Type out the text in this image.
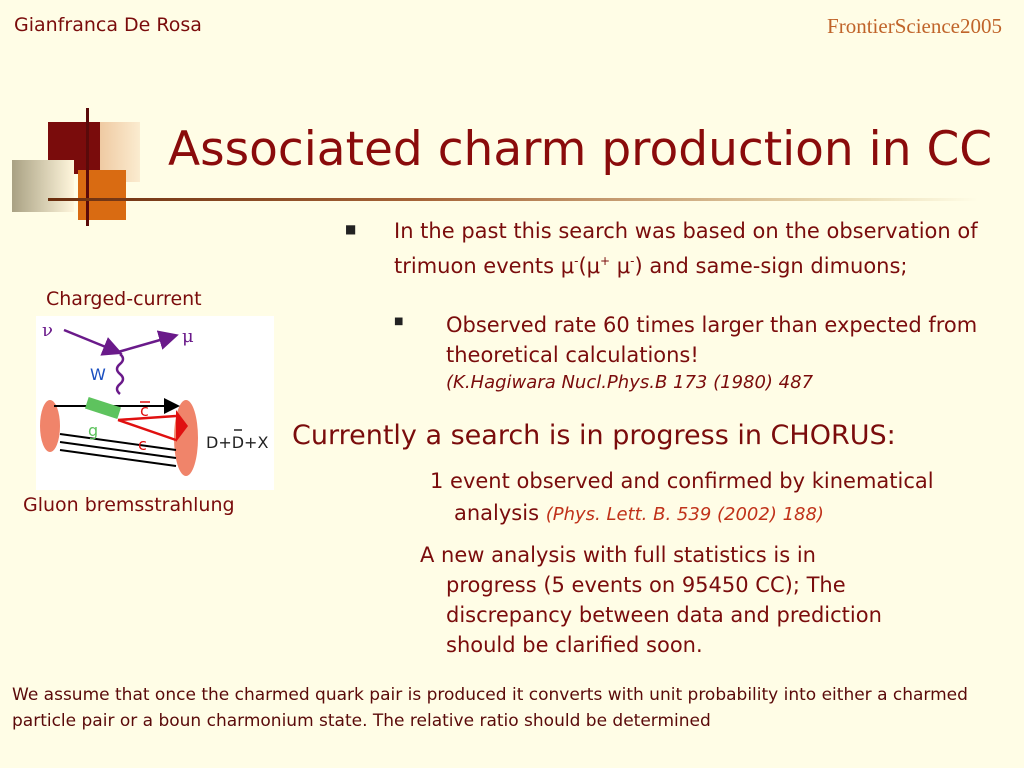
Gianfranca De Rosa	FrontierScience2005
Associated charm production in CC
■ In the past this search was based on the observation of trimuon events μ-(μ+ μ-) and same-sign dimuons;
■ Observed rate 60 times larger than expected from theoretical calculations!
(K.Hagiwara Nucl.Phys.B 173 (1980) 487
Currently a search is in progress in CHORUS:
1 event observed and confirmed by kinematical
analysis (Phys. Lett. B. 539 (2002) 188)
A new analysis with full statistics is in
progress (5 events on 95450 CC); The
discrepancy between data and prediction
should be clarified soon.
Charged-current
ν	μ
W
g
c
c	D+D+X
Gluon bremsstrahlung
We assume that once the charmed quark pair is produced it converts with unit probability into either a charmed particle pair or a boun charmonium state. The relative ratio should be determined
